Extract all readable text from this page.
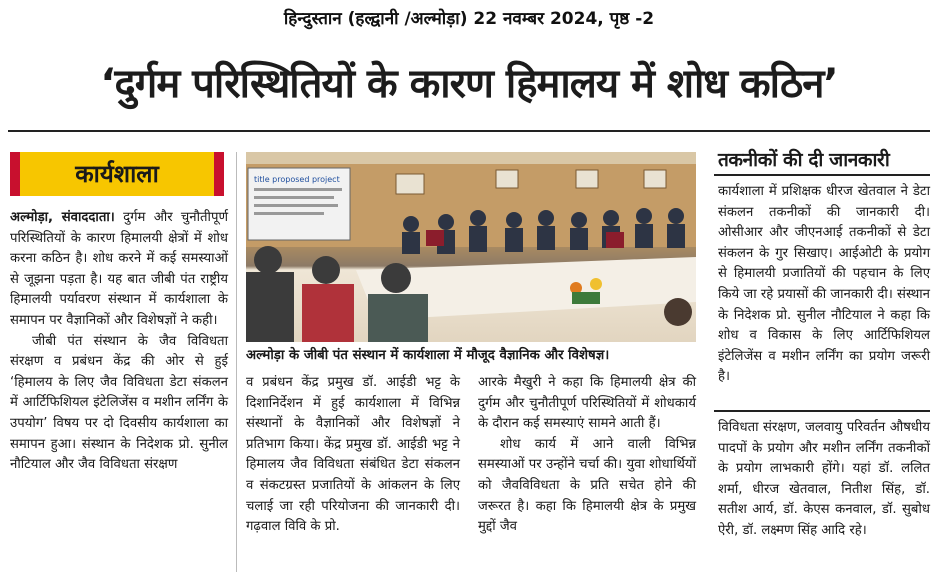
हिन्दुस्तान (हल्द्वानी /अल्मोड़ा) 22 नवम्बर 2024, पृष्ठ -2
‘दुर्गम परिस्थितियों के कारण हिमालय में शोध कठिन’
कार्यशाला

अल्मोड़ा, संवाददाता। दुर्गम और चुनौतीपूर्ण परिस्थितियों के कारण हिमालयी क्षेत्रों में शोध करना कठिन है। शोध करने में कई समस्याओं से जूझना पड़ता है। यह बात जीबी पंत राष्ट्रीय हिमालयी पर्यावरण संस्थान में कार्यशाला के समापन पर वैज्ञानिकों और विशेषज्ञों ने कही।

जीबी पंत संस्थान के जैव विविधता संरक्षण व प्रबंधन केंद्र की ओर से हुई ‘हिमालय के लिए जैव विविधता डेटा संकलन में आर्टिफिशियल इंटेलिजेंस व मशीन लर्निंग के उपयोग’ विषय पर दो दिवसीय कार्यशाला का समापन हुआ। संस्थान के निदेशक प्रो. सुनील नौटियाल और जैव विविधता संरक्षण

title proposed project
अल्मोड़ा के जीबी पंत संस्थान में कार्यशाला में मौजूद वैज्ञानिक और विशेषज्ञ।

व प्रबंधन केंद्र प्रमुख डॉ. आईडी भट्ट के दिशानिर्देशन में हुई कार्यशाला में विभिन्न संस्थानों के वैज्ञानिकों और विशेषज्ञों ने प्रतिभाग किया। केंद्र प्रमुख डॉ. आईडी भट्ट ने हिमालय जैव विविधता संबंधित डेटा संकलन व संकटग्रस्त प्रजातियों के आंकलन के लिए चलाई जा रही परियोजना की जानकारी दी। गढ़वाल विवि के प्रो.

आरके मैखुरी ने कहा कि हिमालयी क्षेत्र की दुर्गम और चुनौतीपूर्ण परिस्थितियों में शोधकार्य के दौरान कई समस्याएं सामने आती हैं।

शोध कार्य में आने वाली विभिन्न समस्याओं पर उन्होंने चर्चा की। युवा शोधार्थियों को जैवविविधता के प्रति सचेत होने की जरूरत है। कहा कि हिमालयी क्षेत्र के प्रमुख मुद्दों जैव

तकनीकों की दी जानकारी

कार्यशाला में प्रशिक्षक धीरज खेतवाल ने डेटा संकलन तकनीकों की जानकारी दी। ओसीआर और जीएनआई तकनीकों से डेटा संकलन के गुर सिखाए। आईओटी के प्रयोग से हिमालयी प्रजातियों की पहचान के लिए किये जा रहे प्रयासों की जानकारी दी। संस्थान के निदेशक प्रो. सुनील नौटियाल ने कहा कि शोध व विकास के लिए आर्टिफिशियल इंटेलिजेंस व मशीन लर्निंग का प्रयोग जरूरी है।

विविधता संरक्षण, जलवायु परिवर्तन औषधीय पादपों के प्रयोग और मशीन लर्निंग तकनीकों के प्रयोग लाभकारी होंगे। यहां डॉ. ललित शर्मा, धीरज खेतवाल, नितीश सिंह, डॉ. सतीश आर्य, डॉ. केएस कनवाल, डॉ. सुबोध ऐरी, डॉ. लक्ष्मण सिंह आदि रहे।
